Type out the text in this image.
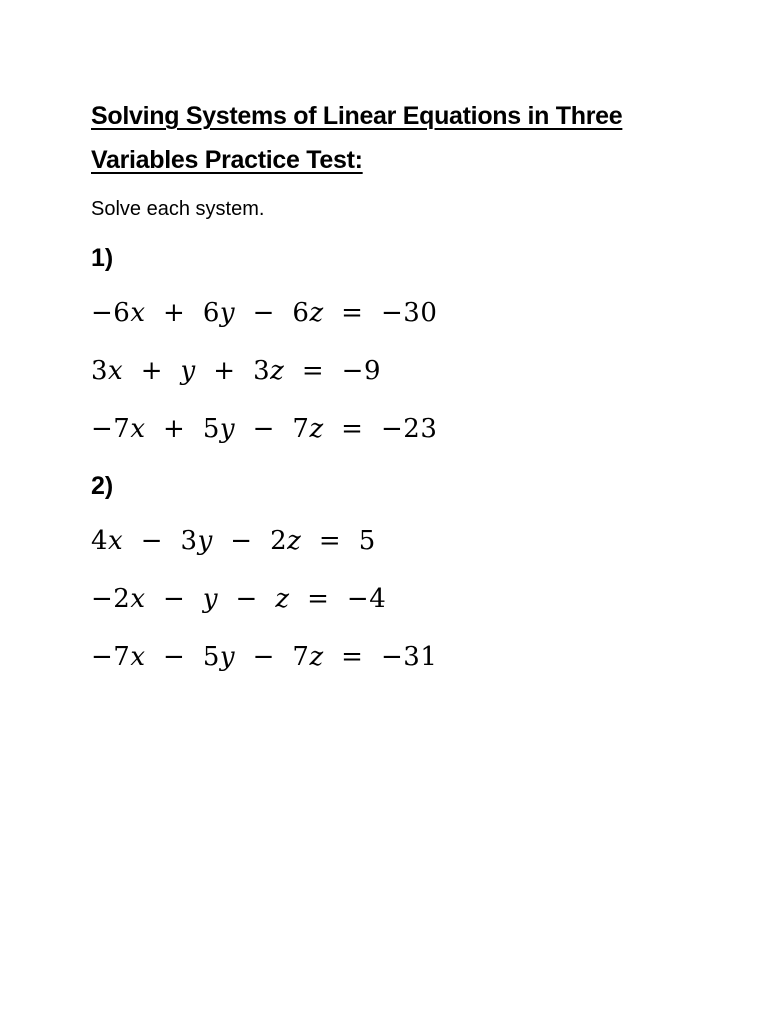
Solving Systems of Linear Equations in Three
Variables Practice Test:

Solve each system.

1)
−6𝑥  +  6𝑦  −  6𝑧  =  −30
3𝑥  +  𝑦  +  3𝑧  =  −9
−7𝑥  +  5𝑦  −  7𝑧  =  −23
2)
4𝑥  −  3𝑦  −  2𝑧  =  5
−2𝑥  −  𝑦  −  𝑧  =  −4
−7𝑥  −  5𝑦  −  7𝑧  =  −31
